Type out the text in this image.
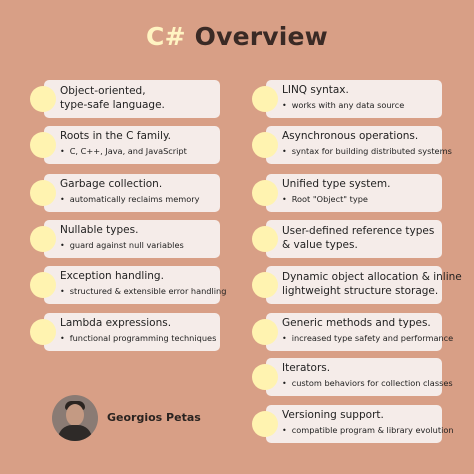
C# Overview
Object-oriented,
type-safe language.
Roots in the C family.
• C, C++, Java, and JavaScript
Garbage collection.
• automatically reclaims memory
Nullable types.
• guard against null variables
Exception handling.
• structured & extensible error handling
Lambda expressions.
• functional programming techniques
LINQ syntax.
• works with any data source
Asynchronous operations.
• syntax for building distributed systems
Unified type system.
• Root "Object" type
User-defined reference types
& value types.
Dynamic object allocation & inline
lightweight structure storage.
Generic methods and types.
• increased type safety and performance
Iterators.
• custom behaviors for collection classes
Versioning support.
• compatible program & library evolution
Georgios Petas
